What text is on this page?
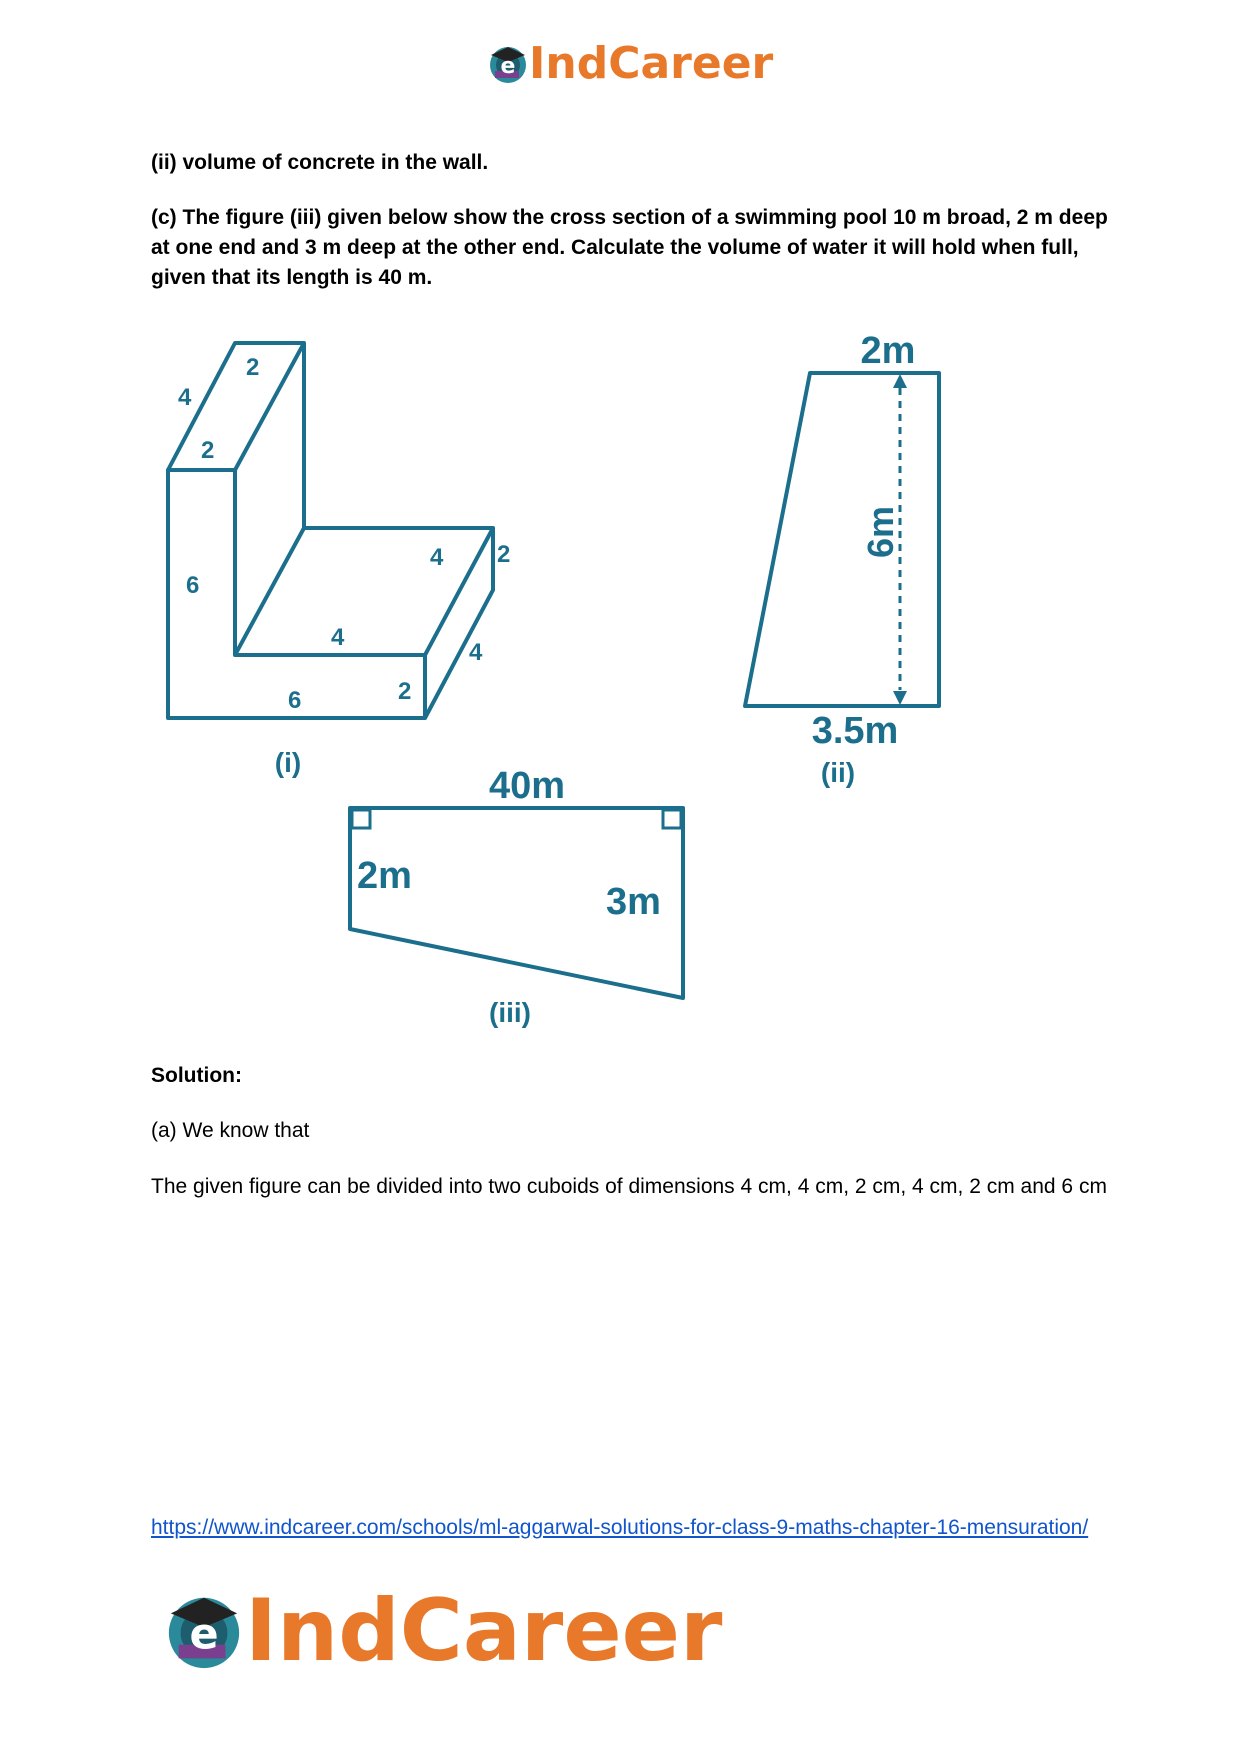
e IndCareer
(ii) volume of concrete in the wall.
(c) The figure (iii) given below show the cross section of a swimming pool 10 m broad, 2 m deep at one end and 3 m deep at the other end. Calculate the volume of water it will hold when full, given that its length is 40 m.
4
2
2
6
4 2
4
4
6	2
(i)
2m
6m
3.5m
(ii)
40m
2m
3m
(iii)
Solution:
(a) We know that
The given figure can be divided into two cuboids of dimensions 4 cm, 4 cm, 2 cm, 4 cm, 2 cm and 6 cm
https://www.indcareer.com/schools/ml-aggarwal-solutions-for-class-9-maths-chapter-16-mensuration/
e IndCareer
